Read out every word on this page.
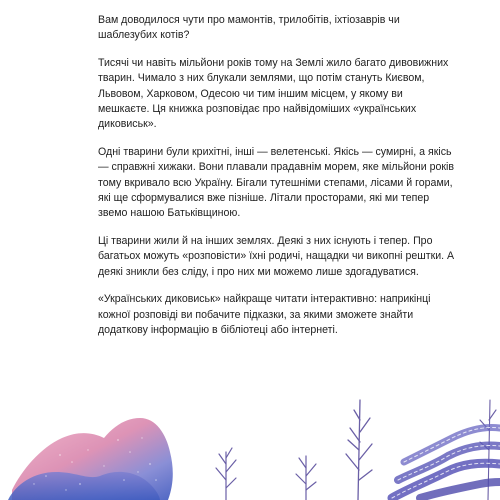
Вам доводилося чути про мамонтів, трилобітів, іхтіозаврів чи шаблезубих котів?

Тисячі чи навіть мільйони років тому на Землі жило багато дивовижних тварин. Чимало з них блукали землями, що потім стануть Києвом, Львовом, Харковом, Одесою чи тим іншим місцем, у якому ви мешкаєте. Ця книжка розповідає про найвідоміших «українських диковиськ».

Одні тварини були крихітні, інші — велетенські. Якісь — сумирні, а якісь — справжні хижаки. Вони плавали прадавнім морем, яке мільйони років тому вкривало всю Україну. Бігали тутешніми степами, лісами й горами, які ще сформувалися вже пізніше. Літали просторами, які ми тепер звемо нашою Батьківщиною.

Ці тварини жили й на інших землях. Деякі з них існують і тепер. Про багатьох можуть «розповісти» їхні родичі, нащадки чи викопні рештки. А деякі зникли без сліду, і про них ми можемо лише здогадуватися.

«Українських диковиськ» найкраще читати інтерактивно: наприкінці кожної розповіді ви побачите підказки, за якими зможете знайти додаткову інформацію в бібліотеці або інтернеті.
